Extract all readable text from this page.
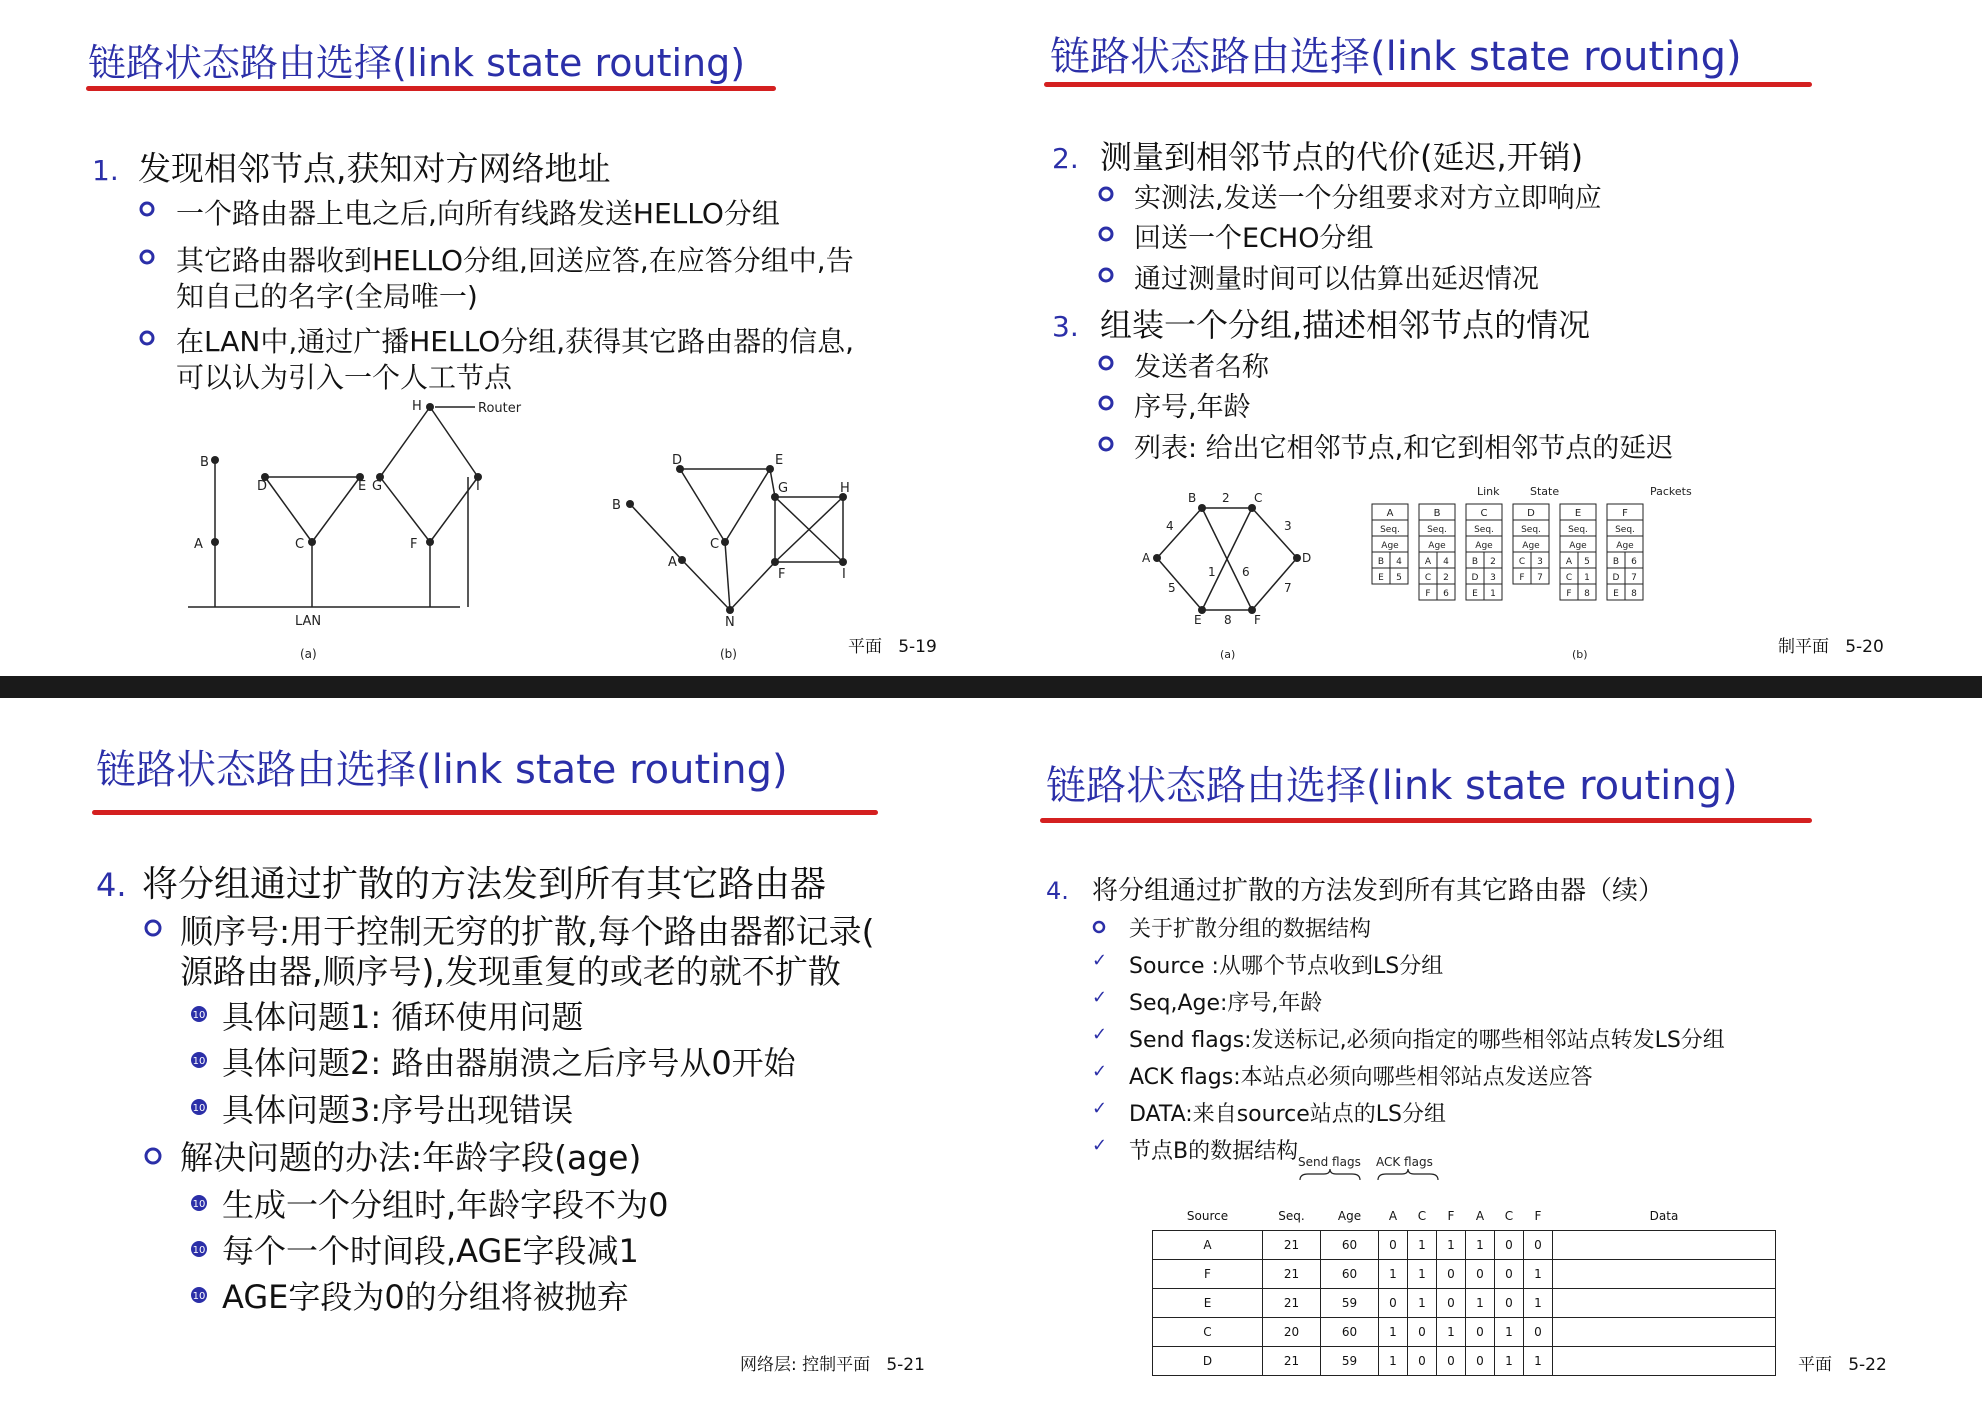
链路状态路由选择(link state routing)
1. 发现相邻节点,获知对方网络地址
一个路由器上电之后,向所有线路发送HELLO分组
其它路由器收到HELLO分组,回送应答,在应答分组中,告
知自己的名字(全局唯一)
在LAN中,通过广播HELLO分组,获得其它路由器的信息,
可以认为引入一个人工节点
B
A
D
C
E G
H
F
I
Router
LAN
(a)
B
A
D
C
E
G	H
F	I
N
(b)	平面 5-19
链路状态路由选择(link state routing)
2. 测量到相邻节点的代价(延迟,开销)
实测法,发送一个分组要求对方立即响应
回送一个ECHO分组
通过测量时间可以估算出延迟情况
3. 组装一个分组,描述相邻节点的情况
发送者名称
序号,年龄
列表: 给出它相邻节点,和它到相邻节点的延迟
B	C
A	D
E	F
2
4	3
1 6
5	7
8
(a)
Link	State	Packets
(b)
A
Seq.
Age
B 4
E 5
B
Seq.
Age
A 4
C 2
F 6
C
Seq.
Age
B 2
D 3
E 1
D
Seq.
Age
C 3
F 7
E
Seq.
Age
A 5
C 1
F 8
F
Seq.
Age
B 6
D 7
E 8
制平面 5-20
链路状态路由选择(link state routing)
4. 将分组通过扩散的方法发到所有其它路由器
顺序号:用于控制无穷的扩散,每个路由器都记录(
源路由器,顺序号),发现重复的或老的就不扩散
10 具体问题1: 循环使用问题
10 具体问题2: 路由器崩溃之后序号从0开始
10 具体问题3:序号出现错误
解决问题的办法:年龄字段(age)
10 生成一个分组时,年龄字段不为0
10 每个一个时间段,AGE字段减1
10 AGE字段为0的分组将被抛弃
网络层: 控制平面 5-21
链路状态路由选择(link state routing)
4. 将分组通过扩散的方法发到所有其它路由器（续）
关于扩散分组的数据结构
✓ Source :从哪个节点收到LS分组
✓ Seq,Age:序号,年龄
✓ Send flags:发送标记,必须向指定的哪些相邻站点转发LS分组
✓ ACK flags:本站点必须向哪些相邻站点发送应答
✓ DATA:来自source站点的LS分组
✓ 节点B的数据结构 Send flags ACK flags
Source	Seq.	Age	A	C	F	A	C	F	Data
A	21	60	0	1	1	1	0	0	
F	21	60	1	1	0	0	0	1	
E	21	59	0	1	0	1	0	1	
C	20	60	1	0	1	0	1	0	
D	21	59	1	0	0	0	1	1		平面 5-22
